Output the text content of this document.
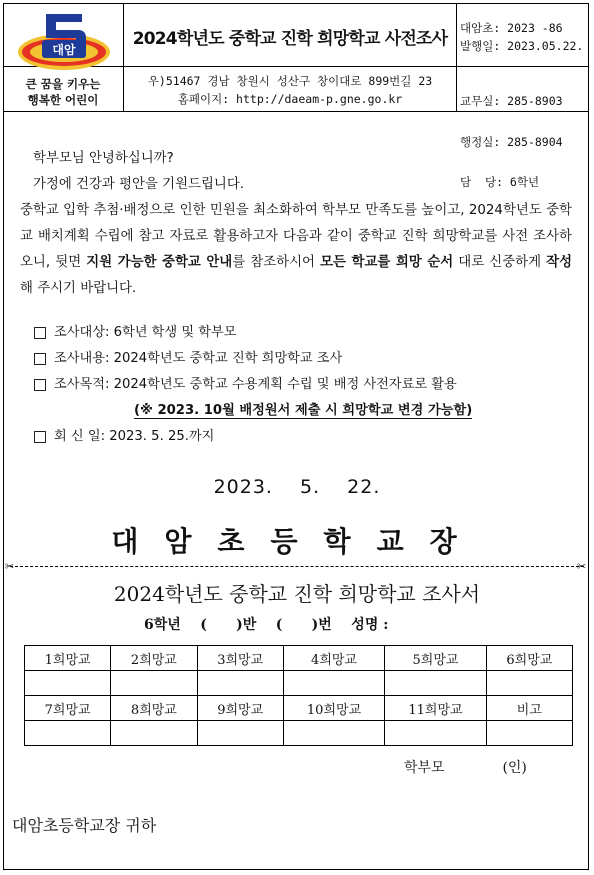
대암
큰 꿈을 키우는
행복한 어린이
2024학년도 중학교 진학 희망학교 사전조사
우)51467 경남 창원시 성산구 창이대로 899번길 23
홈페이지: http://daeam-p.gne.go.kr
대암초: 2023 -86
발행일: 2023.05.22.

교무실: 285-8903

행정실: 285-8904

담  당: 6학년

학부모님 안녕하십니까?

가정에 건강과 평안을 기원드립니다.

중학교 입학 추첨·배정으로 인한 민원을 최소화하여 학부모 만족도를 높이고, 2024학년도 중학교 배치계획 수립에 참고 자료로 활용하고자 다음과 같이 중학교 진학 희망학교를 사전 조사하오니, 뒷면 지원 가능한 중학교 안내를 참조하시어 모든 학교를 희망 순서 대로 신중하게 작성해 주시기 바랍니다.

조사대상: 6학년 학생 및 학부모
조사내용: 2024학년도 중학교 진학 희망학교 조사
조사목적: 2024학년도 중학교 수용계획 수립 및 배정 사전자료로 활용
(※ 2023. 10월 배정원서 제출 시 희망학교 변경 가능함)
회 신 일: 2023. 5. 25.까지
2023. 5. 22.
대암초등학교장
✂	✂
2024학년도 중학교 진학 희망학교 조사서
6학년    (      )반    (      )번    성명 :
1희망교	2희망교	3희망교	4희망교	5희망교	6희망교

7희망교	8희망교	9희망교	10희망교	11희망교	비고

학부모	(인)
대암초등학교장 귀하
